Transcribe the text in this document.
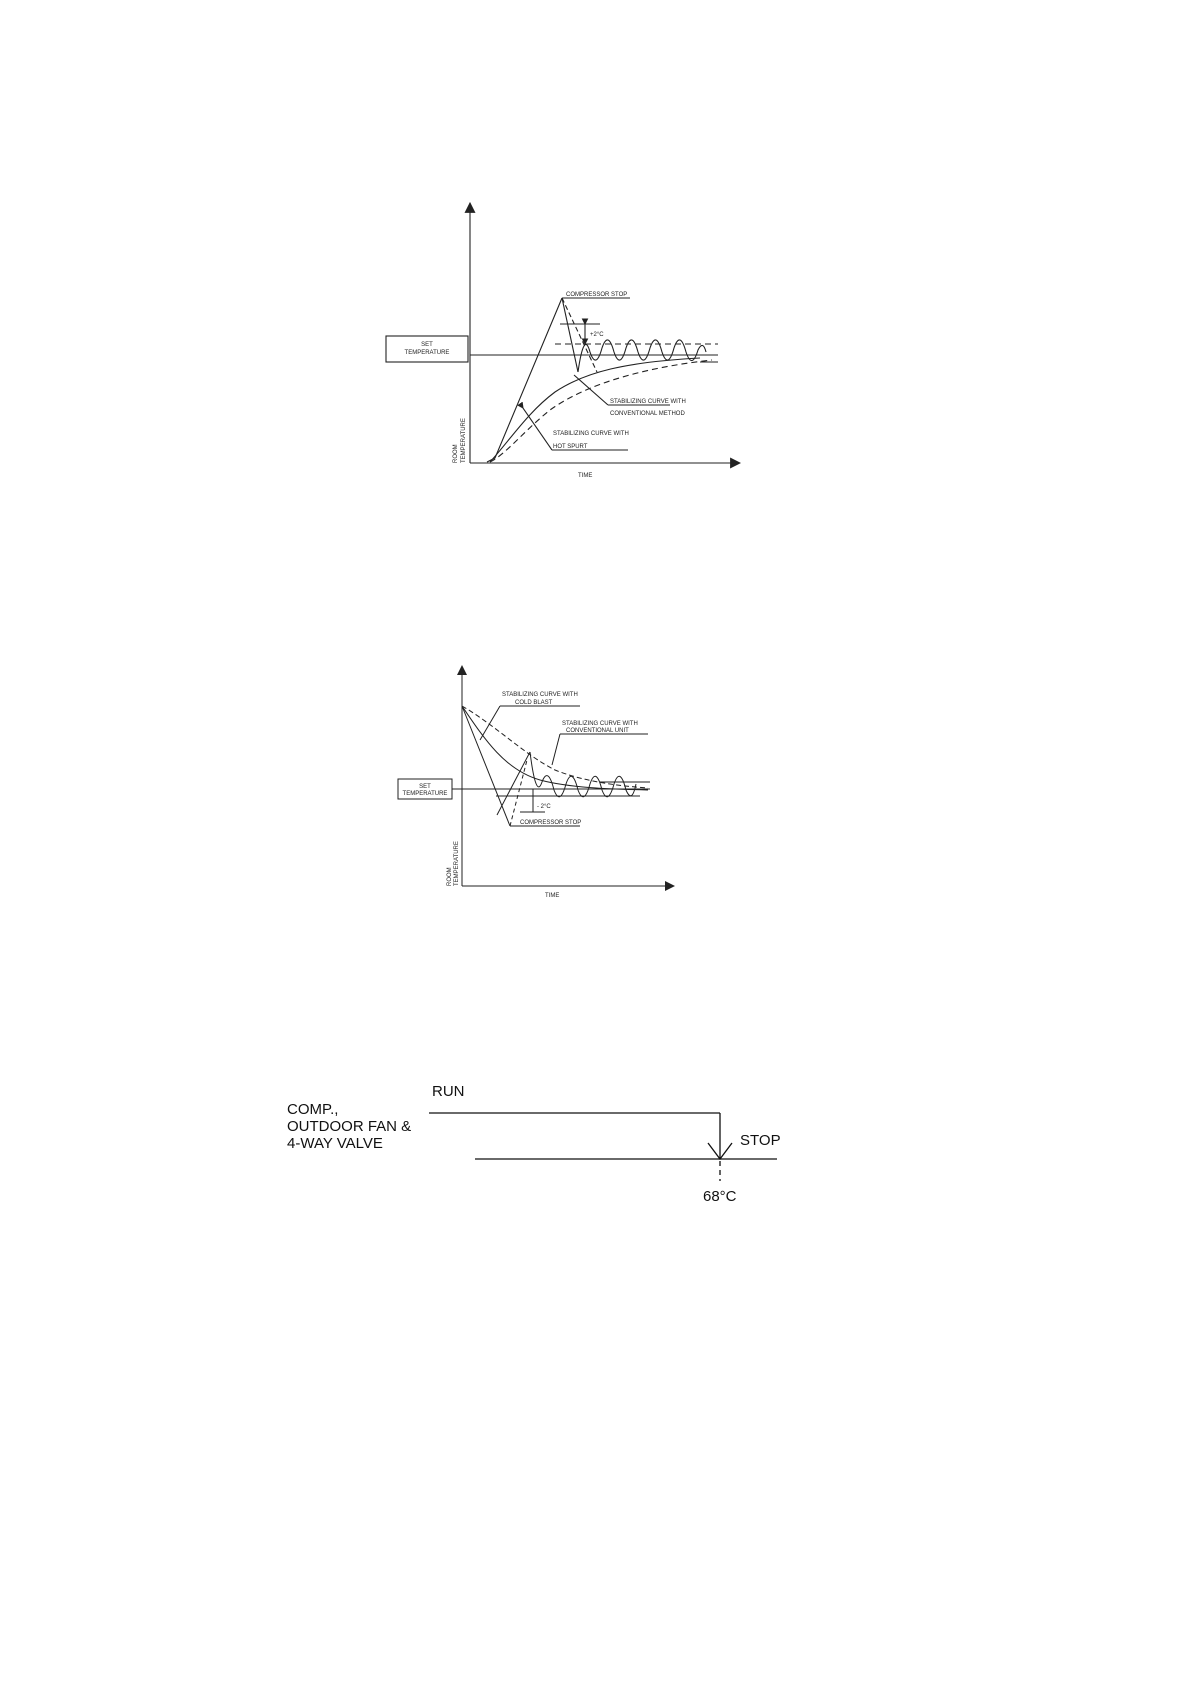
SET
TEMPERATURE
COMPRESSOR STOP
+2°C
STABILIZING CURVE WITH
CONVENTIONAL METHOD
STABILIZING CURVE WITH
HOT SPURT
TIME
ROOM TEMPERATURE
STABILIZING CURVE WITH
COLD BLAST
STABILIZING CURVE WITH
CONVENTIONAL UNIT
SET
TEMPERATURE
- 2°C
COMPRESSOR STOP
TIME
ROOM TEMPERATURE
COMP.,
OUTDOOR FAN &
4-WAY VALVE
RUN
STOP
68°C
